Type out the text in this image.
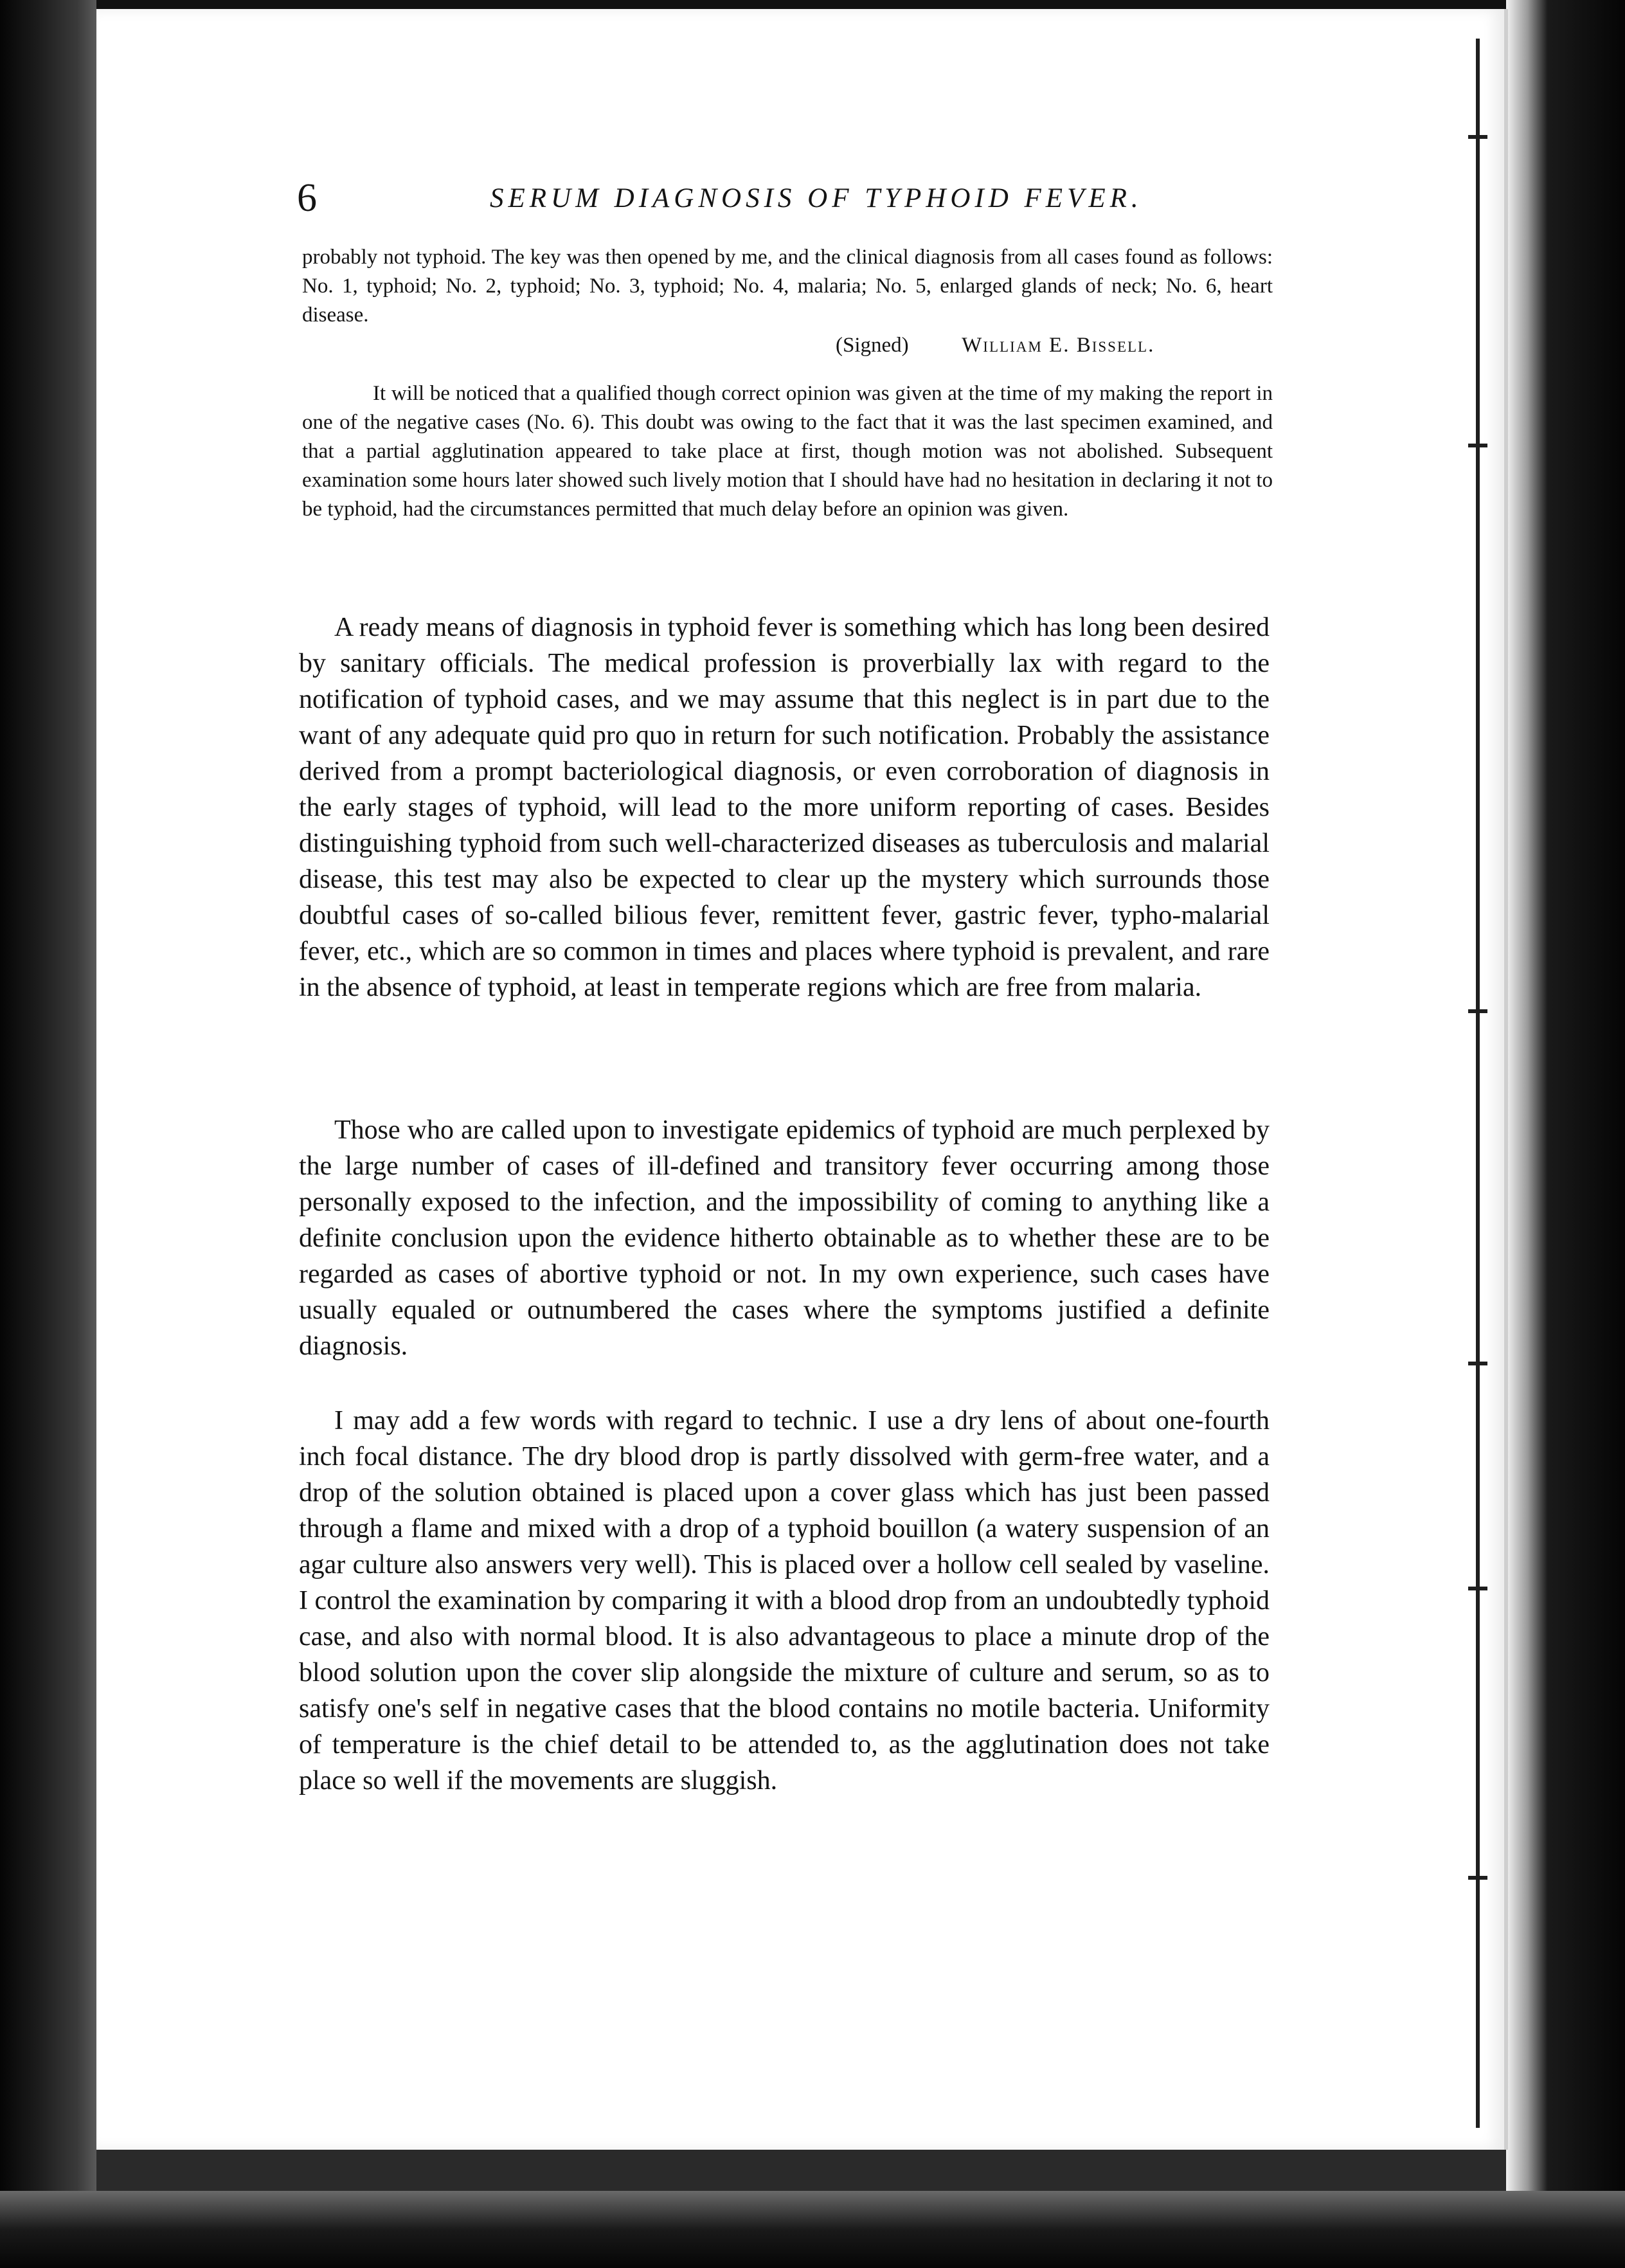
6	SERUM DIAGNOSIS OF TYPHOID FEVER.
probably not typhoid. The key was then opened by me, and the clinical diagnosis from all cases found as follows: No. 1, typhoid; No. 2, typhoid; No. 3, typhoid; No. 4, malaria; No. 5, enlarged glands of neck; No. 6, heart disease.
(Signed)	William E. Bissell.
It will be noticed that a qualified though correct opinion was given at the time of my making the report in one of the negative cases (No. 6). This doubt was owing to the fact that it was the last specimen examined, and that a partial agglutination appeared to take place at first, though motion was not abolished. Subsequent examination some hours later showed such lively motion that I should have had no hesitation in declaring it not to be typhoid, had the circumstances permitted that much delay before an opinion was given.
A ready means of diagnosis in typhoid fever is something which has long been desired by sanitary officials. The medical profession is proverbially lax with regard to the notification of typhoid cases, and we may assume that this neglect is in part due to the want of any adequate quid pro quo in return for such notification. Probably the assistance derived from a prompt bacteriological diagnosis, or even corroboration of diagnosis in the early stages of typhoid, will lead to the more uniform reporting of cases. Besides distinguishing typhoid from such well-characterized diseases as tuberculosis and malarial disease, this test may also be expected to clear up the mystery which surrounds those doubtful cases of so-called bilious fever, remittent fever, gastric fever, typho-malarial fever, etc., which are so common in times and places where typhoid is prevalent, and rare in the absence of typhoid, at least in temperate regions which are free from malaria.
Those who are called upon to investigate epidemics of typhoid are much perplexed by the large number of cases of ill-defined and transitory fever occurring among those personally exposed to the infection, and the impossibility of coming to anything like a definite conclusion upon the evidence hitherto obtainable as to whether these are to be regarded as cases of abortive typhoid or not. In my own experience, such cases have usually equaled or outnumbered the cases where the symptoms justified a definite diagnosis.
I may add a few words with regard to technic. I use a dry lens of about one-fourth inch focal distance. The dry blood drop is partly dissolved with germ-free water, and a drop of the solution obtained is placed upon a cover glass which has just been passed through a flame and mixed with a drop of a typhoid bouillon (a watery suspension of an agar culture also answers very well). This is placed over a hollow cell sealed by vaseline. I control the examination by comparing it with a blood drop from an undoubtedly typhoid case, and also with normal blood. It is also advantageous to place a minute drop of the blood solution upon the cover slip alongside the mixture of culture and serum, so as to satisfy one's self in negative cases that the blood contains no motile bacteria. Uniformity of temperature is the chief detail to be attended to, as the agglutination does not take place so well if the movements are sluggish.
